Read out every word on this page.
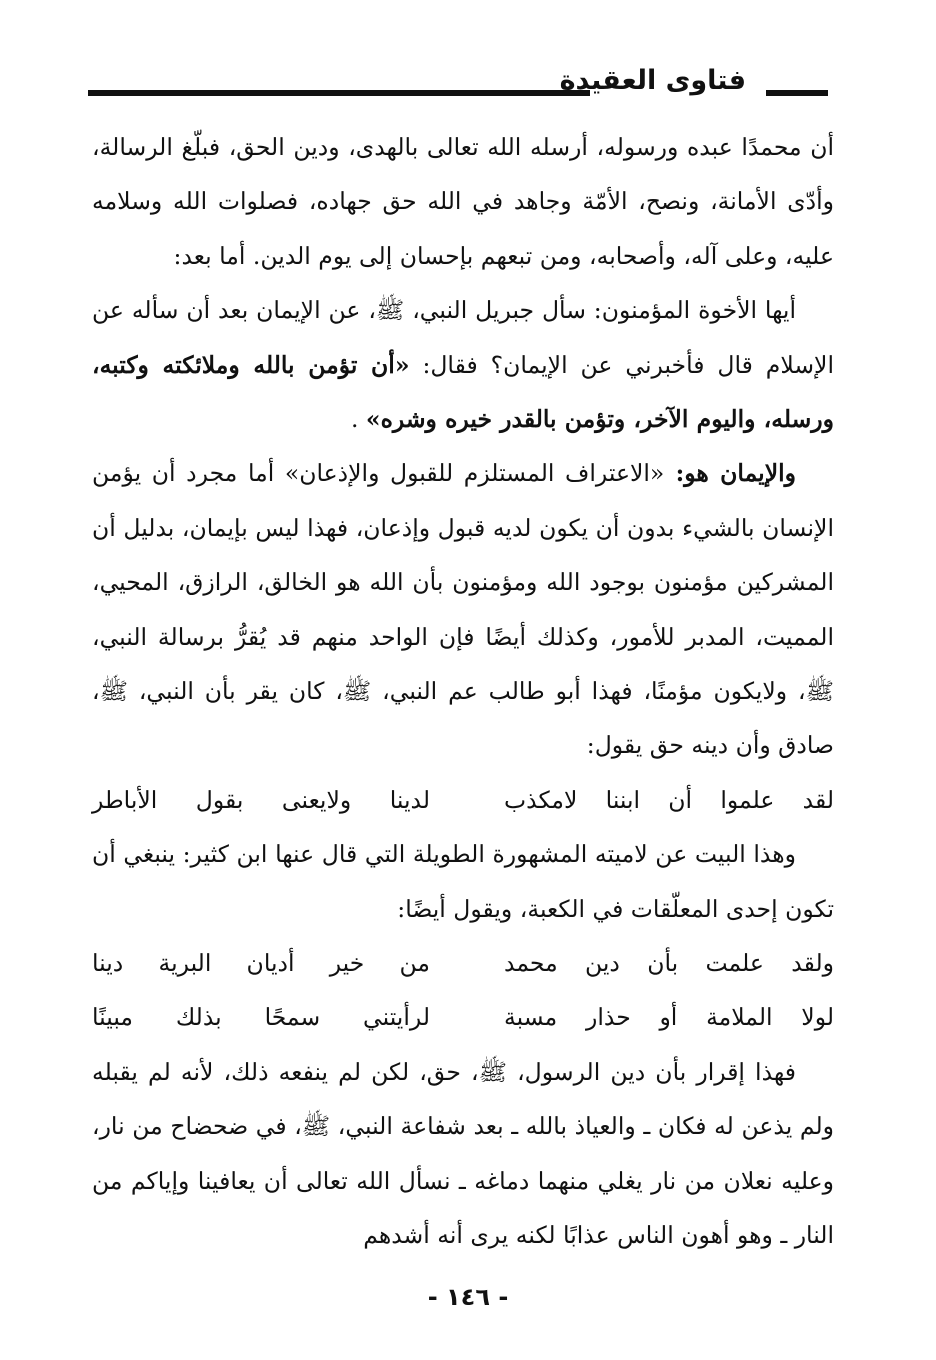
فتاوى العقيدة

أن محمدًا عبده ورسوله، أرسله الله تعالى بالهدى، ودين الحق، فبلّغ الرسالة، وأدّى الأمانة، ونصح، الأمّة وجاهد في الله حق جهاده، فصلوات الله وسلامه عليه، وعلى آله، وأصحابه، ومن تبعهم بإحسان إلى يوم الدين. أما بعد:

أيها الأخوة المؤمنون: سأل جبريل النبي، ﷺ، عن الإيمان بعد أن سأله عن الإسلام قال فأخبرني عن الإيمان؟ فقال: «أن تؤمن بالله وملائكته وكتبه، ورسله، واليوم الآخر، وتؤمن بالقدر خيره وشره» .

والإيمان هو: «الاعتراف المستلزم للقبول والإذعان» أما مجرد أن يؤمن الإنسان بالشيء بدون أن يكون لديه قبول وإذعان، فهذا ليس بإيمان، بدليل أن المشركين مؤمنون بوجود الله ومؤمنون بأن الله هو الخالق، الرازق، المحيي، المميت، المدبر للأمور، وكذلك أيضًا فإن الواحد منهم قد يُقرُّ برسالة النبي، ﷺ، ولايكون مؤمنًا، فهذا أبو طالب عم النبي، ﷺ، كان يقر بأن النبي، ﷺ، صادق وأن دينه حق يقول:

لقد علموا أن ابننا لامكذب
لدينا ولايعنى بقول الأباطر

وهذا البيت عن لاميته المشهورة الطويلة التي قال عنها ابن كثير: ينبغي أن تكون إحدى المعلّقات في الكعبة، ويقول أيضًا:

ولقد علمت بأن دين محمد
من خير أديان البرية دينا
لولا الملامة أو حذار مسبة
لرأيتني سمحًا بذلك مبينًا

فهذا إقرار بأن دين الرسول، ﷺ، حق، لكن لم ينفعه ذلك، لأنه لم يقبله ولم يذعن له فكان ـ والعياذ بالله ـ بعد شفاعة النبي، ﷺ، في ضحضاح من نار، وعليه نعلان من نار يغلي منهما دماغه ـ نسأل الله تعالى أن يعافينا وإياكم من النار ـ وهو أهون الناس عذابًا لكنه يرى أنه أشدهم

- ١٤٦ -
